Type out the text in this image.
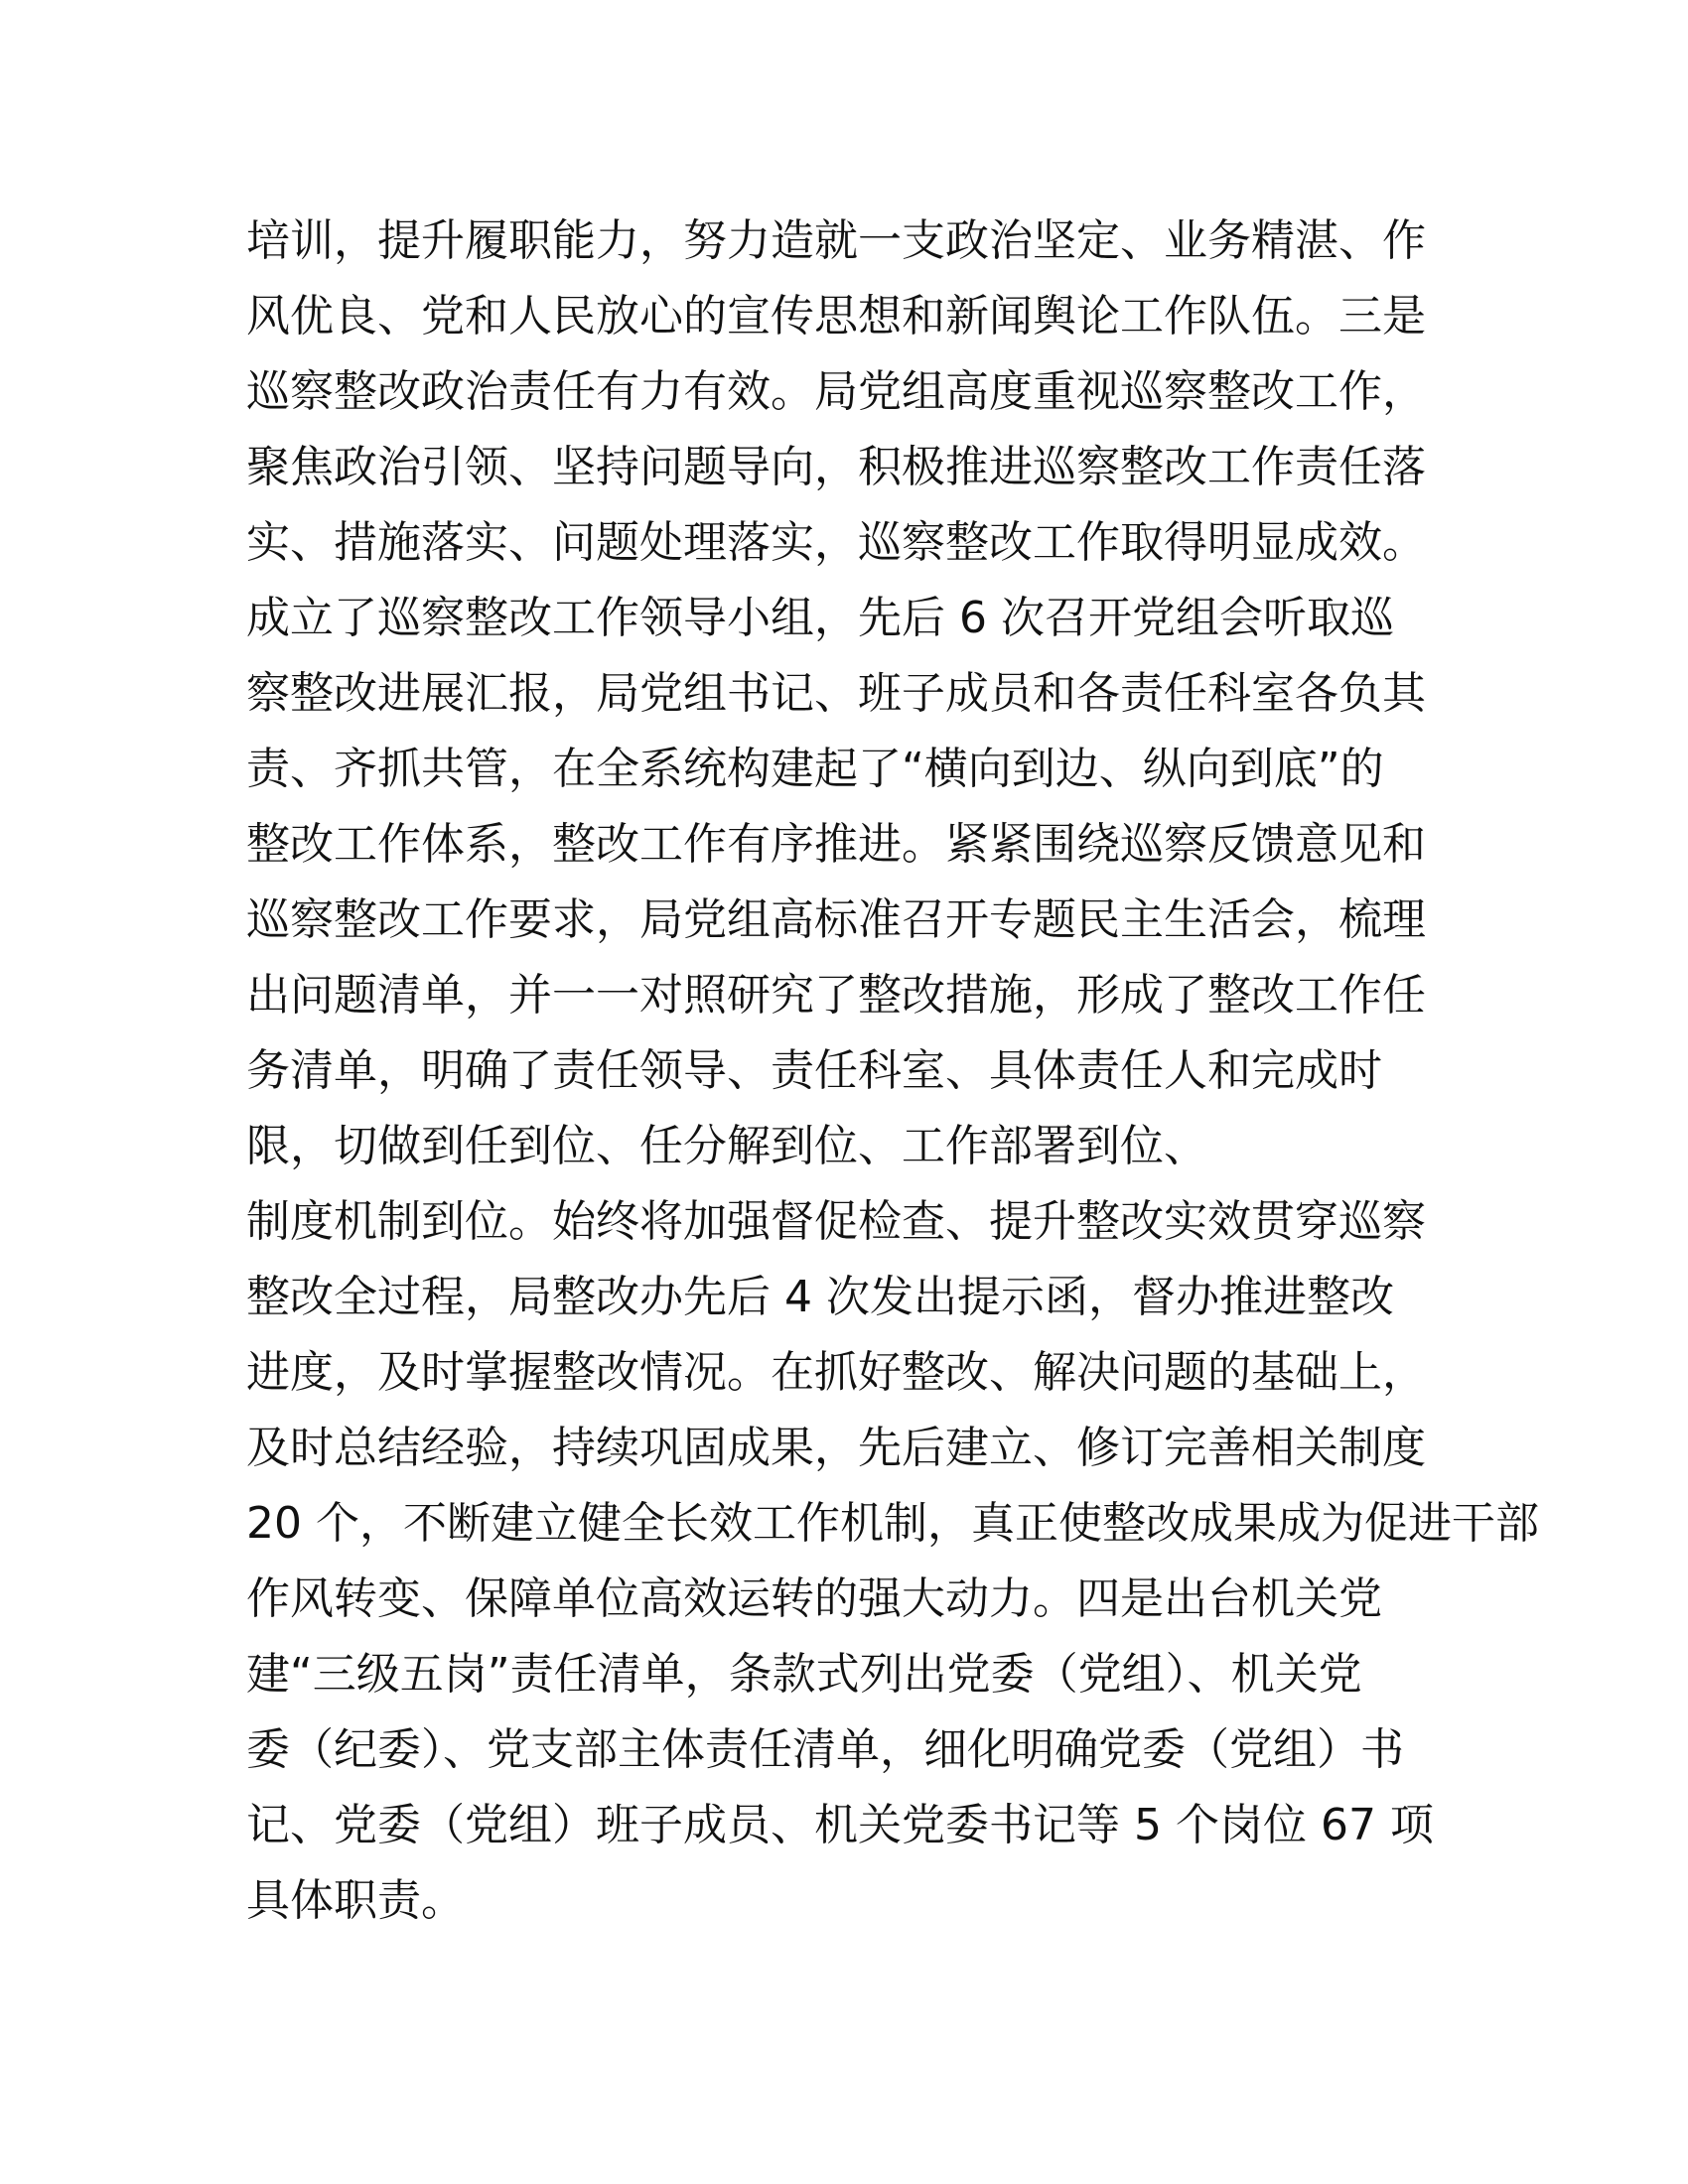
培训，提升履职能力，努力造就一支政治坚定、业务精湛、作
风优良、党和人民放心的宣传思想和新闻舆论工作队伍。三是
巡察整改政治责任有力有效。局党组高度重视巡察整改工作，
聚焦政治引领、坚持问题导向，积极推进巡察整改工作责任落
实、措施落实、问题处理落实，巡察整改工作取得明显成效。
成立了巡察整改工作领导小组，先后 6 次召开党组会听取巡
察整改进展汇报，局党组书记、班子成员和各责任科室各负其
责、齐抓共管，在全系统构建起了“横向到边、纵向到底”的
整改工作体系，整改工作有序推进。紧紧围绕巡察反馈意见和
巡察整改工作要求，局党组高标准召开专题民主生活会，梳理
出问题清单，并一一对照研究了整改措施，形成了整改工作任
务清单，明确了责任领导、责任科室、具体责任人和完成时
限，切做到任到位、任分解到位、工作部署到位、
制度机制到位。始终将加强督促检查、提升整改实效贯穿巡察
整改全过程，局整改办先后 4 次发出提示函，督办推进整改
进度，及时掌握整改情况。在抓好整改、解决问题的基础上，
及时总结经验，持续巩固成果，先后建立、修订完善相关制度
20 个，不断建立健全长效工作机制，真正使整改成果成为促进干部
作风转变、保障单位高效运转的强大动力。四是出台机关党
建“三级五岗”责任清单，条款式列出党委（党组）、机关党
委（纪委）、党支部主体责任清单，细化明确党委（党组）书
记、党委（党组）班子成员、机关党委书记等 5 个岗位 67 项
具体职责。
